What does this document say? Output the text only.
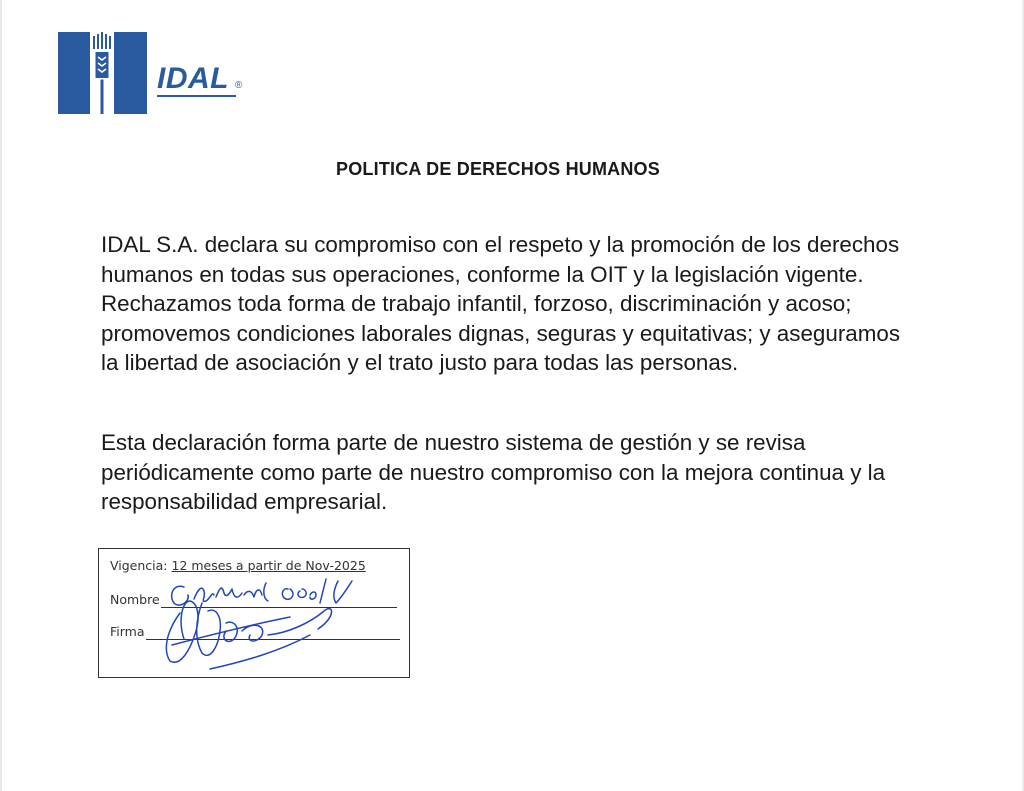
IDAL ®
POLITICA DE DERECHOS HUMANOS

IDAL S.A. declara su compromiso con el respeto y la promoción de los derechos humanos en todas sus operaciones, conforme la OIT y la legislación vigente. Rechazamos toda forma de trabajo infantil, forzoso, discriminación y acoso; promovemos condiciones laborales dignas, seguras y equitativas; y aseguramos la libertad de asociación y el trato justo para todas las personas.

Esta declaración forma parte de nuestro sistema de gestión y se revisa periódicamente como parte de nuestro compromiso con la mejora continua y la responsabilidad empresarial.

Vigencia: 12 meses a partir de Nov-2025
Nombre
Firma
